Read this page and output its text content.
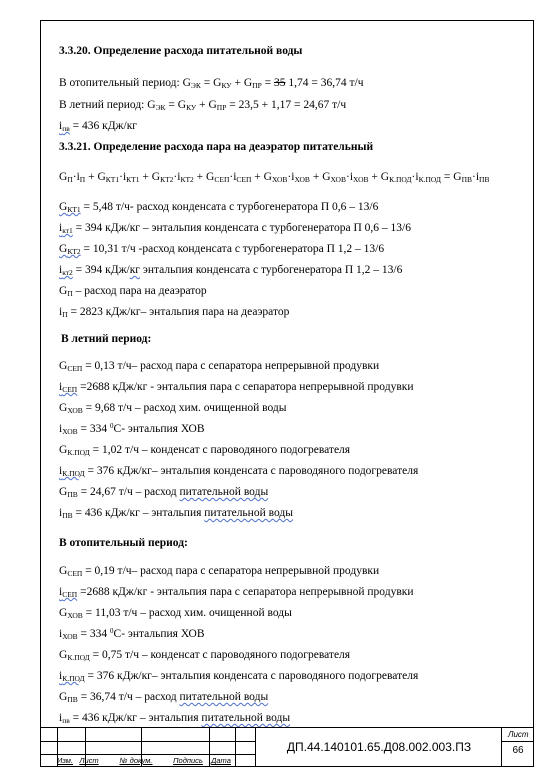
3.3.20. Определение расхода питательной воды
В отопительный период: $G_{ЭК} = G_{КУ} + G_{ПР} = 35$ 1,74 = 36,74 т/ч
В летний период: $G_{ЭК} = G_{КУ} + G_{ПР} = 23,5 + 1,17 = 24,67$ т/ч
$i_{пв} = 436$ кДж/кг
3.3.21. Определение расхода пара на деаэратор питательный
$G_П\cdot i_П + G_{КТ1}\cdot i_{КТ1} + G_{КТ2}\cdot i_{КТ2} + G_{СЕП}\cdot i_{СЕП} + G_{ХОВ}\cdot i_{ХОВ} + G_{ХОВ}\cdot i_{ХОВ} + G_{К.ПОД}\cdot i_{К.ПОД} = G_{ПВ}\cdot i_{ПВ}$
$G_{КТ1} = 5,48$ т/ч- расход конденсата с турбогенератора П 0,6 – 13/6
$i_{кт1} = 394$ кДж/кг – энтальпия конденсата с турбогенератора П 0,6 – 13/6
$G_{КТ2} = 10,31$ т/ч -расход конденсата с турбогенератора П 1,2 – 13/6
$i_{кт2} = 394$ кДж/кг энтальпия конденсата с турбогенератора П 1,2 – 13/6
$G_П$ – расход пара на деаэратор
$i_П = 2823$ кДж/кг– энтальпия пара на деаэратор
В летний период:
$G_{СЕП} = 0,13$ т/ч– расход пара с сепаратора непрерывной продувки
$i_{СЕП} =2688$ кДж/кг - энтальпия пара с сепаратора непрерывной продувки
$G_{ХОВ} = 9,68$ т/ч – расход хим. очищенной воды
$i_{ХОВ} = 334$ $^0$С- энтальпия ХОВ
$G_{К.ПОД} = 1,02$ т/ч – конденсат с пароводяного подогревателя
$i_{К.ПОД} = 376$ кДж/кг– энтальпия конденсата с пароводяного подогревателя
$G_{ПВ} = 24,67$ т/ч – расход питательной воды
$i_{ПВ} = 436$ кДж/кг – энтальпия питательной воды
В отопительный период:
$G_{СЕП} = 0,19$ т/ч– расход пара с сепаратора непрерывной продувки
$i_{СЕП} =2688$ кДж/кг - энтальпия пара с сепаратора непрерывной продувки
$G_{ХОВ} = 11,03$ т/ч – расход хим. очищенной воды
$i_{ХОВ} = 334$ $^0$С- энтальпия ХОВ
$G_{К.ПОД} = 0,75$ т/ч – конденсат с пароводяного подогревателя
$i_{К.ПОД} = 376$ кДж/кг– энтальпия конденсата с пароводяного подогревателя
$G_{ПВ} = 36,74$ т/ч – расход питательной воды
$i_{пв} = 436$ кДж/кг – энтальпия питательной воды
Изм. Лист	№ докум.	Подпись	Дата
ДП.44.140101.65.Д08.002.003.ПЗ
Лист
66
